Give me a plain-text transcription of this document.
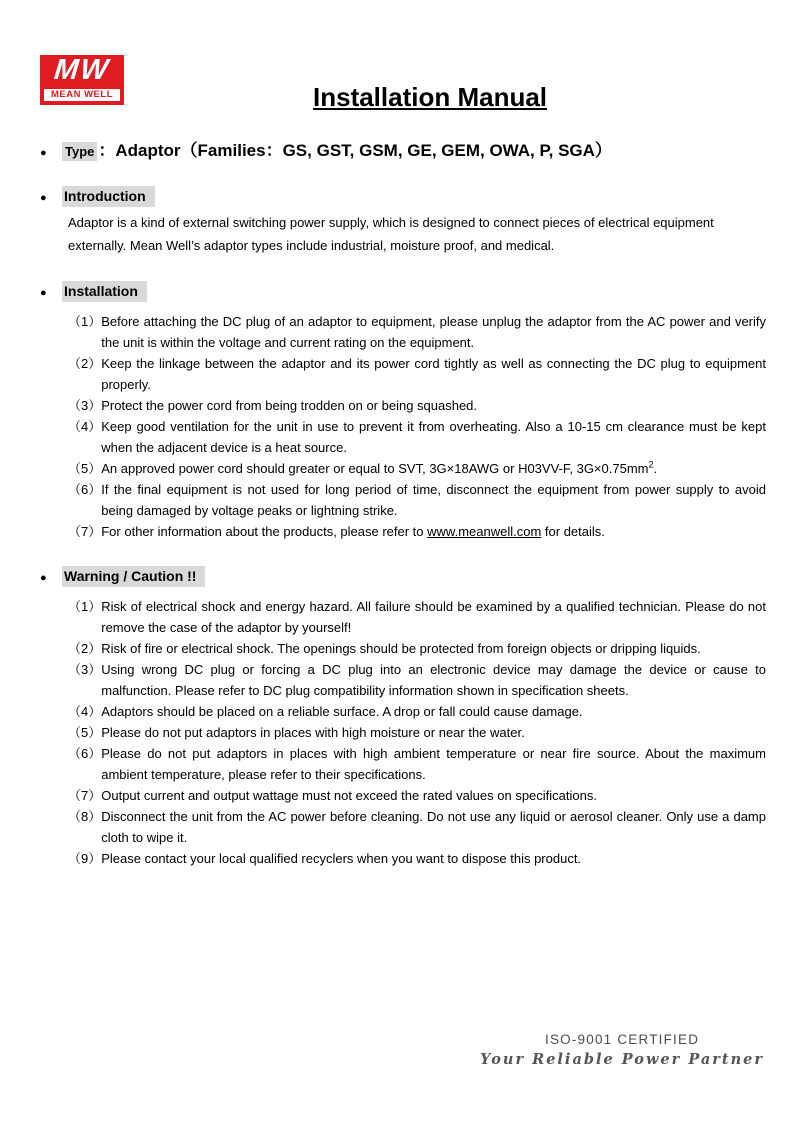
MW
MEAN WELL	Installation Manual
●	Type ：Adaptor（Families：GS, GST, GSM, GE, GEM, OWA, P, SGA）
●	Introduction
Adaptor is a kind of external switching power supply, which is designed to connect pieces of electrical equipment externally. Mean Well’s adaptor types include industrial, moisture proof, and medical.
●	Installation
（1） Before attaching the DC plug of an adaptor to equipment, please unplug the adaptor from the AC power and verify the unit is within the voltage and current rating on the equipment.
（2） Keep the linkage between the adaptor and its power cord tightly as well as connecting the DC plug to equipment properly.
（3） Protect the power cord from being trodden on or being squashed.
（4） Keep good ventilation for the unit in use to prevent it from overheating. Also a 10-15 cm clearance must be kept when the adjacent device is a heat source.
（5） An approved power cord should greater or equal to SVT, 3G×18AWG or H03VV-F, $3G\times 0.75mm^2$.
（6） If the final equipment is not used for long period of time, disconnect the equipment from power supply to avoid being damaged by voltage peaks or lightning strike.
（7） For other information about the products, please refer to www.meanwell.com for details.
●	Warning / Caution !!
（1） Risk of electrical shock and energy hazard. All failure should be examined by a qualified technician. Please do not remove the case of the adaptor by yourself!
（2） Risk of fire or electrical shock. The openings should be protected from foreign objects or dripping liquids.
（3） Using wrong DC plug or forcing a DC plug into an electronic device may damage the device or cause to malfunction. Please refer to DC plug compatibility information shown in specification sheets.
（4） Adaptors should be placed on a reliable surface. A drop or fall could cause damage.
（5） Please do not put adaptors in places with high moisture or near the water.
（6） Please do not put adaptors in places with high ambient temperature or near fire source. About the maximum ambient temperature, please refer to their specifications.
（7） Output current and output wattage must not exceed the rated values on specifications.
（8） Disconnect the unit from the AC power before cleaning. Do not use any liquid or aerosol cleaner. Only use a damp cloth to wipe it.
（9） Please contact your local qualified recyclers when you want to dispose this product.
ISO-9001 CERTIFIED
Your Reliable Power Partner
